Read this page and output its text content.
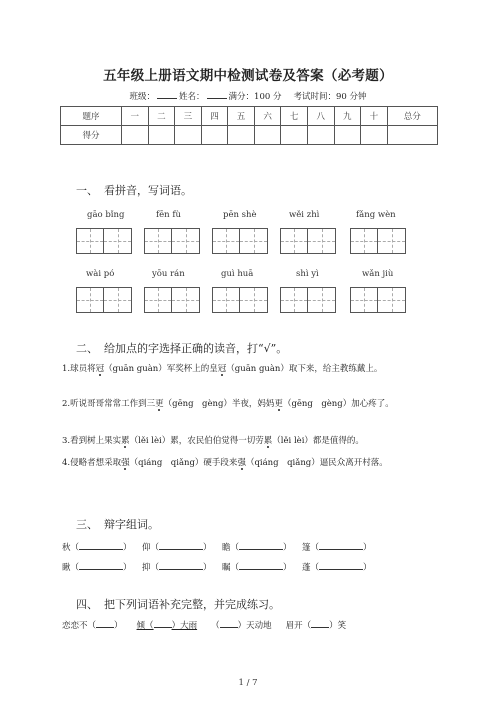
五年级上册语文期中检测试卷及答案（必考题）
班级：	姓名：	满分：100 分 考试时间：90 分钟
题序	一	二	三	四	五	六	七	八	九	十	总分
得分											
一、 看拼音，写词语。
gāo bǐng	fēn fù	pēn shè	wěi zhì	fǎng wèn
wài pó	yōu rán	guì huā	shì yì	wǎn jiù
二、 给加点的字选择正确的读音，打“√”。
1.球员将冠（guān guàn）军奖杯上的皇冠（guān guàn）取下来，给主教练戴上。
2.听说哥哥常常工作到三更（gēng　gèng）半夜，妈妈更（gēng　gèng）加心疼了。
3.看到树上果实累（lěi lèi）累，农民伯伯觉得一切劳累（lěi lèi）都是值得的。
4.侵略者想采取强（qiáng　qiǎng）硬手段来强（qiáng　qiǎng）逼民众离开村落。
三、 辩字组词。
秋（	） 仰（	） 瞻（	） 篷（	）
瞅（	） 抑（	） 瞩（	） 蓬（	）
四、 把下列词语补充完整，并完成练习。
恋恋不（ ） 倾（ ）大雨 （ ）天动地 眉开（ ）笑
1 / 7
